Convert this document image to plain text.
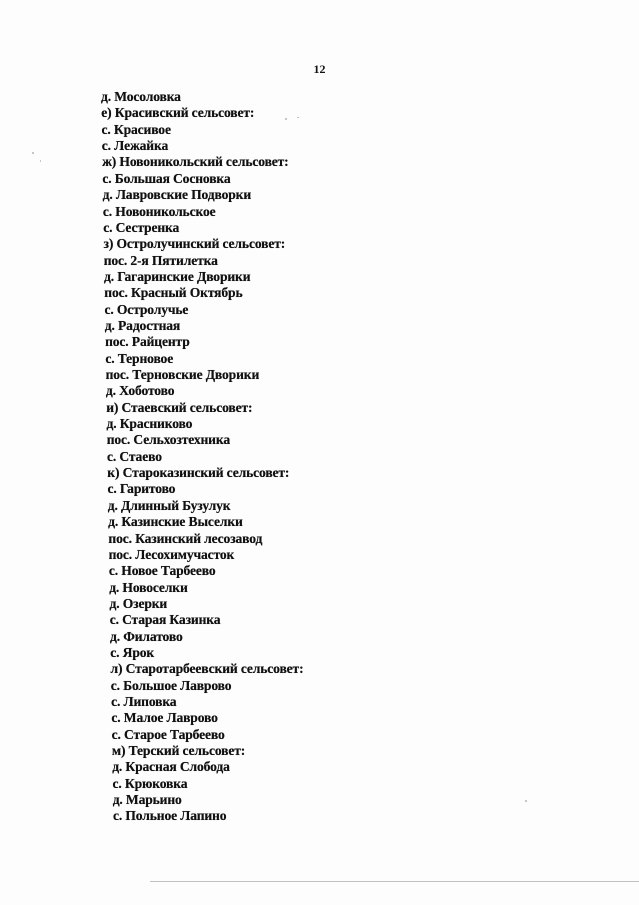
12
д. Мосоловка
е) Красивский сельсовет:
с. Красивое
с. Лежайка
ж) Новоникольский сельсовет:
с. Большая Сосновка
д. Лавровские Подворки
с. Новоникольское
с. Сестренка
з) Остролучинский сельсовет:
пос. 2-я Пятилетка
д. Гагаринские Дворики
пос. Красный Октябрь
с. Остролучье
д. Радостная
пос. Райцентр
с. Терновое
пос. Терновские Дворики
д. Хоботово
и) Стаевский сельсовет:
д. Красниково
пос. Сельхозтехника
с. Стаево
к) Старокaзинский сельсовет:
с. Гаритово
д. Длинный Бузулук
д. Казинские Выселки
пос. Казинский лесозавод
пос. Лесохимучасток
с. Новое Тарбеево
д. Новоселки
д. Озерки
с. Старая Казинка
д. Филатово
с. Ярок
л) Старотарбеевский сельсовет:
с. Большое Лаврово
с. Липовка
с. Малое Лаврово
с. Старое Тарбеево
м) Терский сельсовет:
д. Красная Слобода
с. Крюковка
д. Марьино
с. Польное Лапино
